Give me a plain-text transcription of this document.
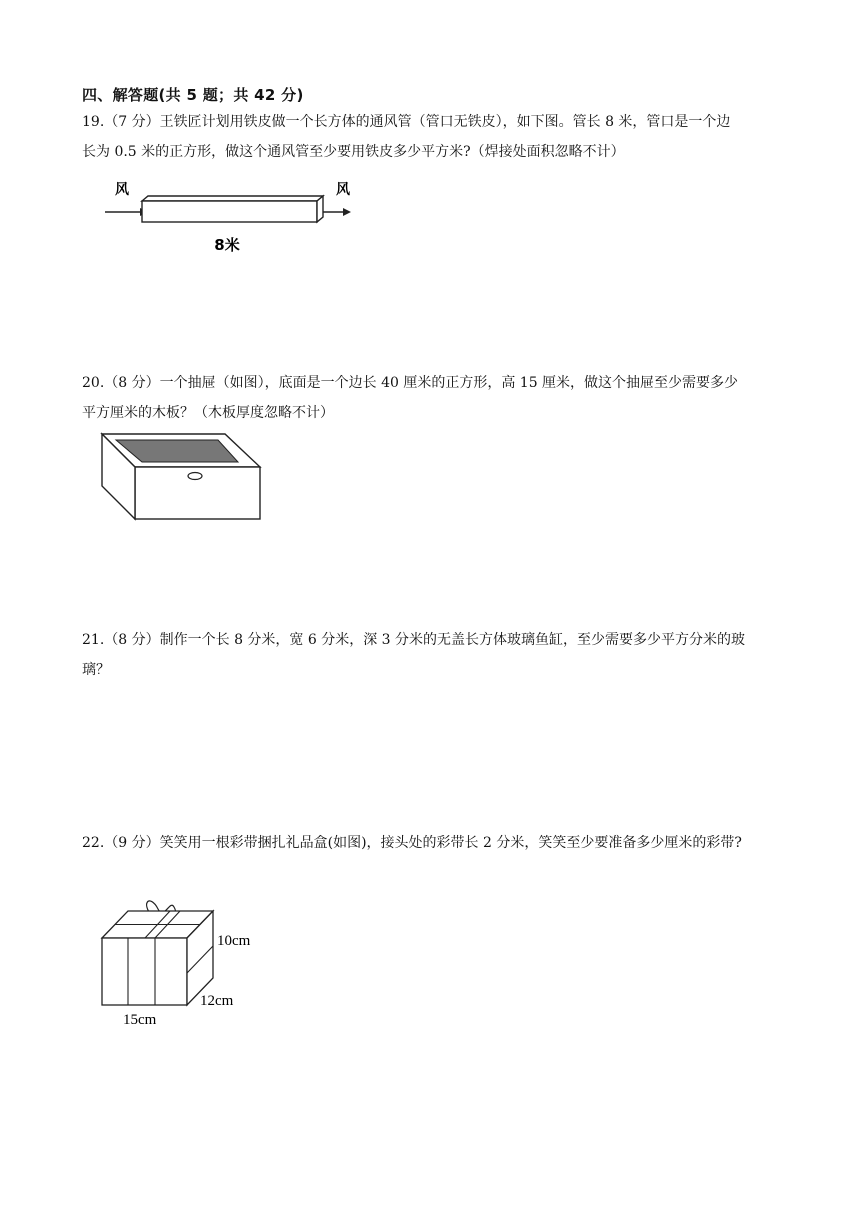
四、解答题(共 5 题；共 42 分)
19.（7 分）王铁匠计划用铁皮做一个长方体的通风管（管口无铁皮），如下图。管长 8 米，管口是一个边
长为 0.5 米的正方形，做这个通风管至少要用铁皮多少平方米?（焊接处面积忽略不计）
风	风
8米
20.（8 分）一个抽屉（如图），底面是一个边长 40 厘米的正方形，高 15 厘米，做这个抽屉至少需要多少
平方厘米的木板？（木板厚度忽略不计）
21.（8 分）制作一个长 8 分米，宽 6 分米，深 3 分米的无盖长方体玻璃鱼缸，至少需要多少平方分米的玻
璃？
22.（9 分）笑笑用一根彩带捆扎礼品盒(如图)，接头处的彩带长 2 分米，笑笑至少要准备多少厘米的彩带?
10cm
12cm
15cm
